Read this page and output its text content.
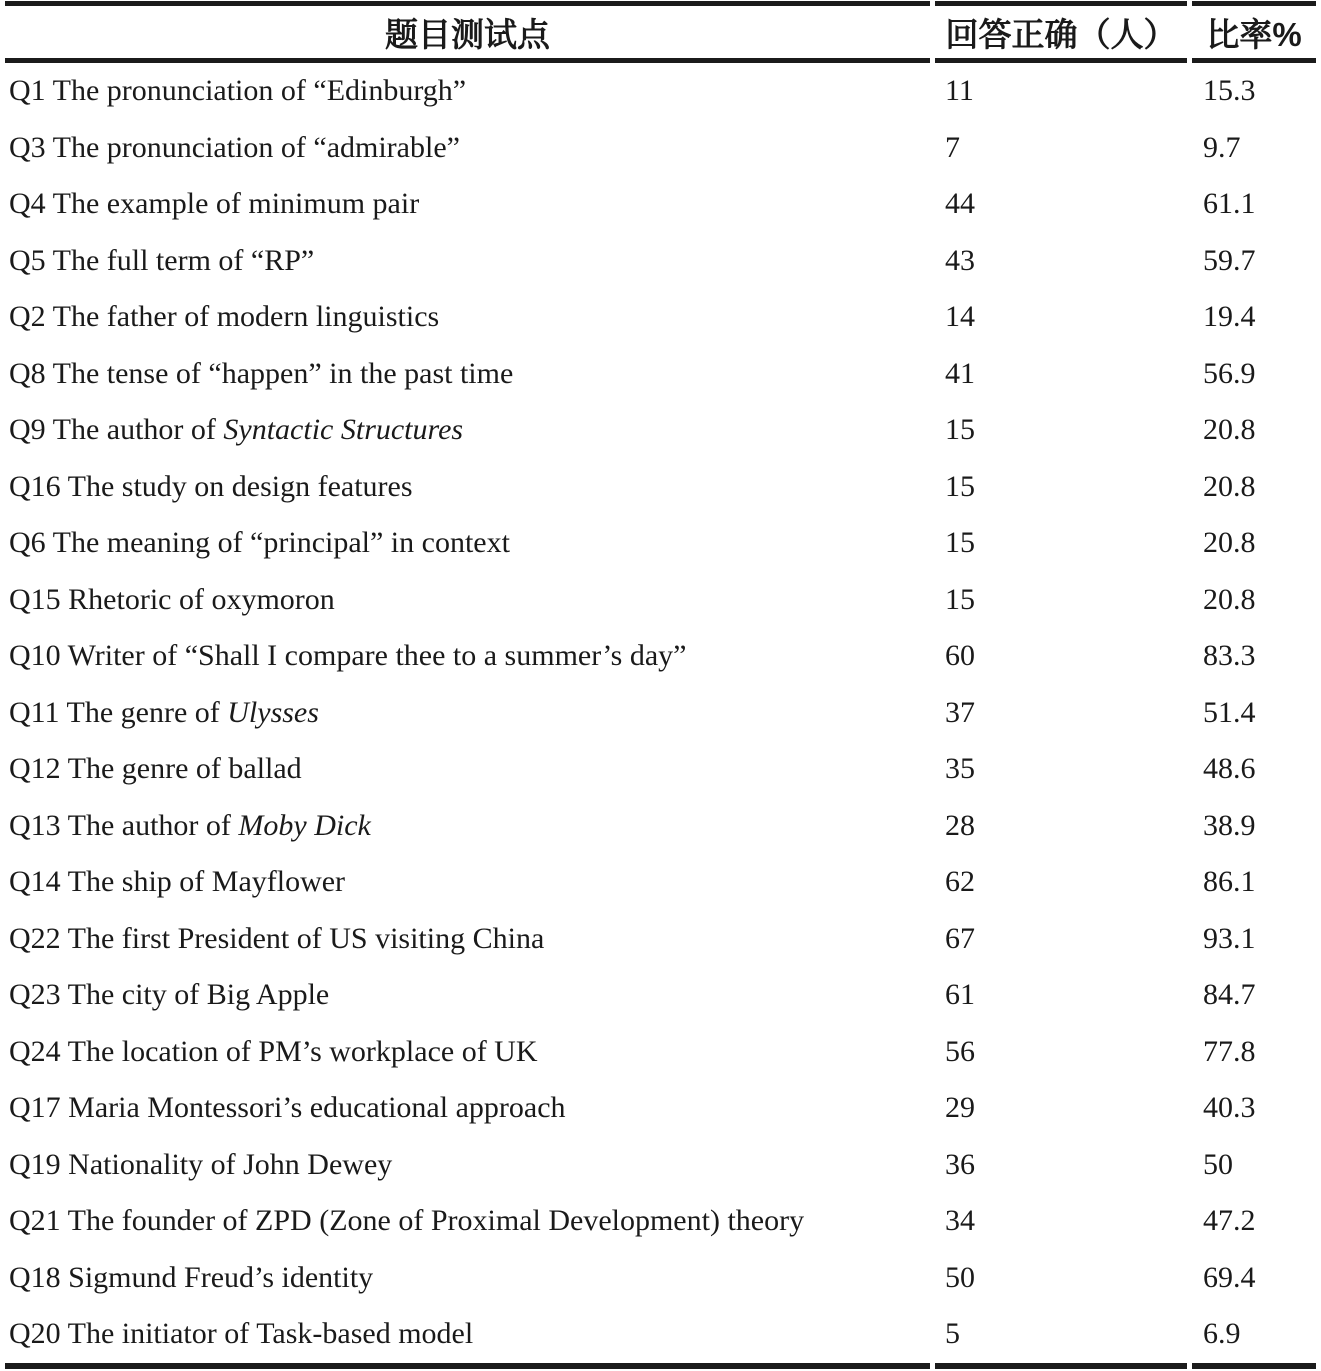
题目测试点	回答正确（人）	比率%
Q1 The pronunciation of “Edinburgh”	11	15.3
Q3 The pronunciation of “admirable”	7	9.7
Q4 The example of minimum pair	44	61.1
Q5 The full term of “RP”	43	59.7
Q2 The father of modern linguistics	14	19.4
Q8 The tense of “happen” in the past time	41	56.9
Q9 The author of Syntactic Structures	15	20.8
Q16 The study on design features	15	20.8
Q6 The meaning of “principal” in context	15	20.8
Q15 Rhetoric of oxymoron	15	20.8
Q10 Writer of “Shall I compare thee to a summer’s day”	60	83.3
Q11 The genre of Ulysses	37	51.4
Q12 The genre of ballad	35	48.6
Q13 The author of Moby Dick	28	38.9
Q14 The ship of Mayflower	62	86.1
Q22 The first President of US visiting China	67	93.1
Q23 The city of Big Apple	61	84.7
Q24 The location of PM’s workplace of UK	56	77.8
Q17 Maria Montessori’s educational approach	29	40.3
Q19 Nationality of John Dewey	36	50
Q21 The founder of ZPD (Zone of Proximal Development) theory	34	47.2
Q18 Sigmund Freud’s identity	50	69.4
Q20 The initiator of Task-based model	5	6.9
